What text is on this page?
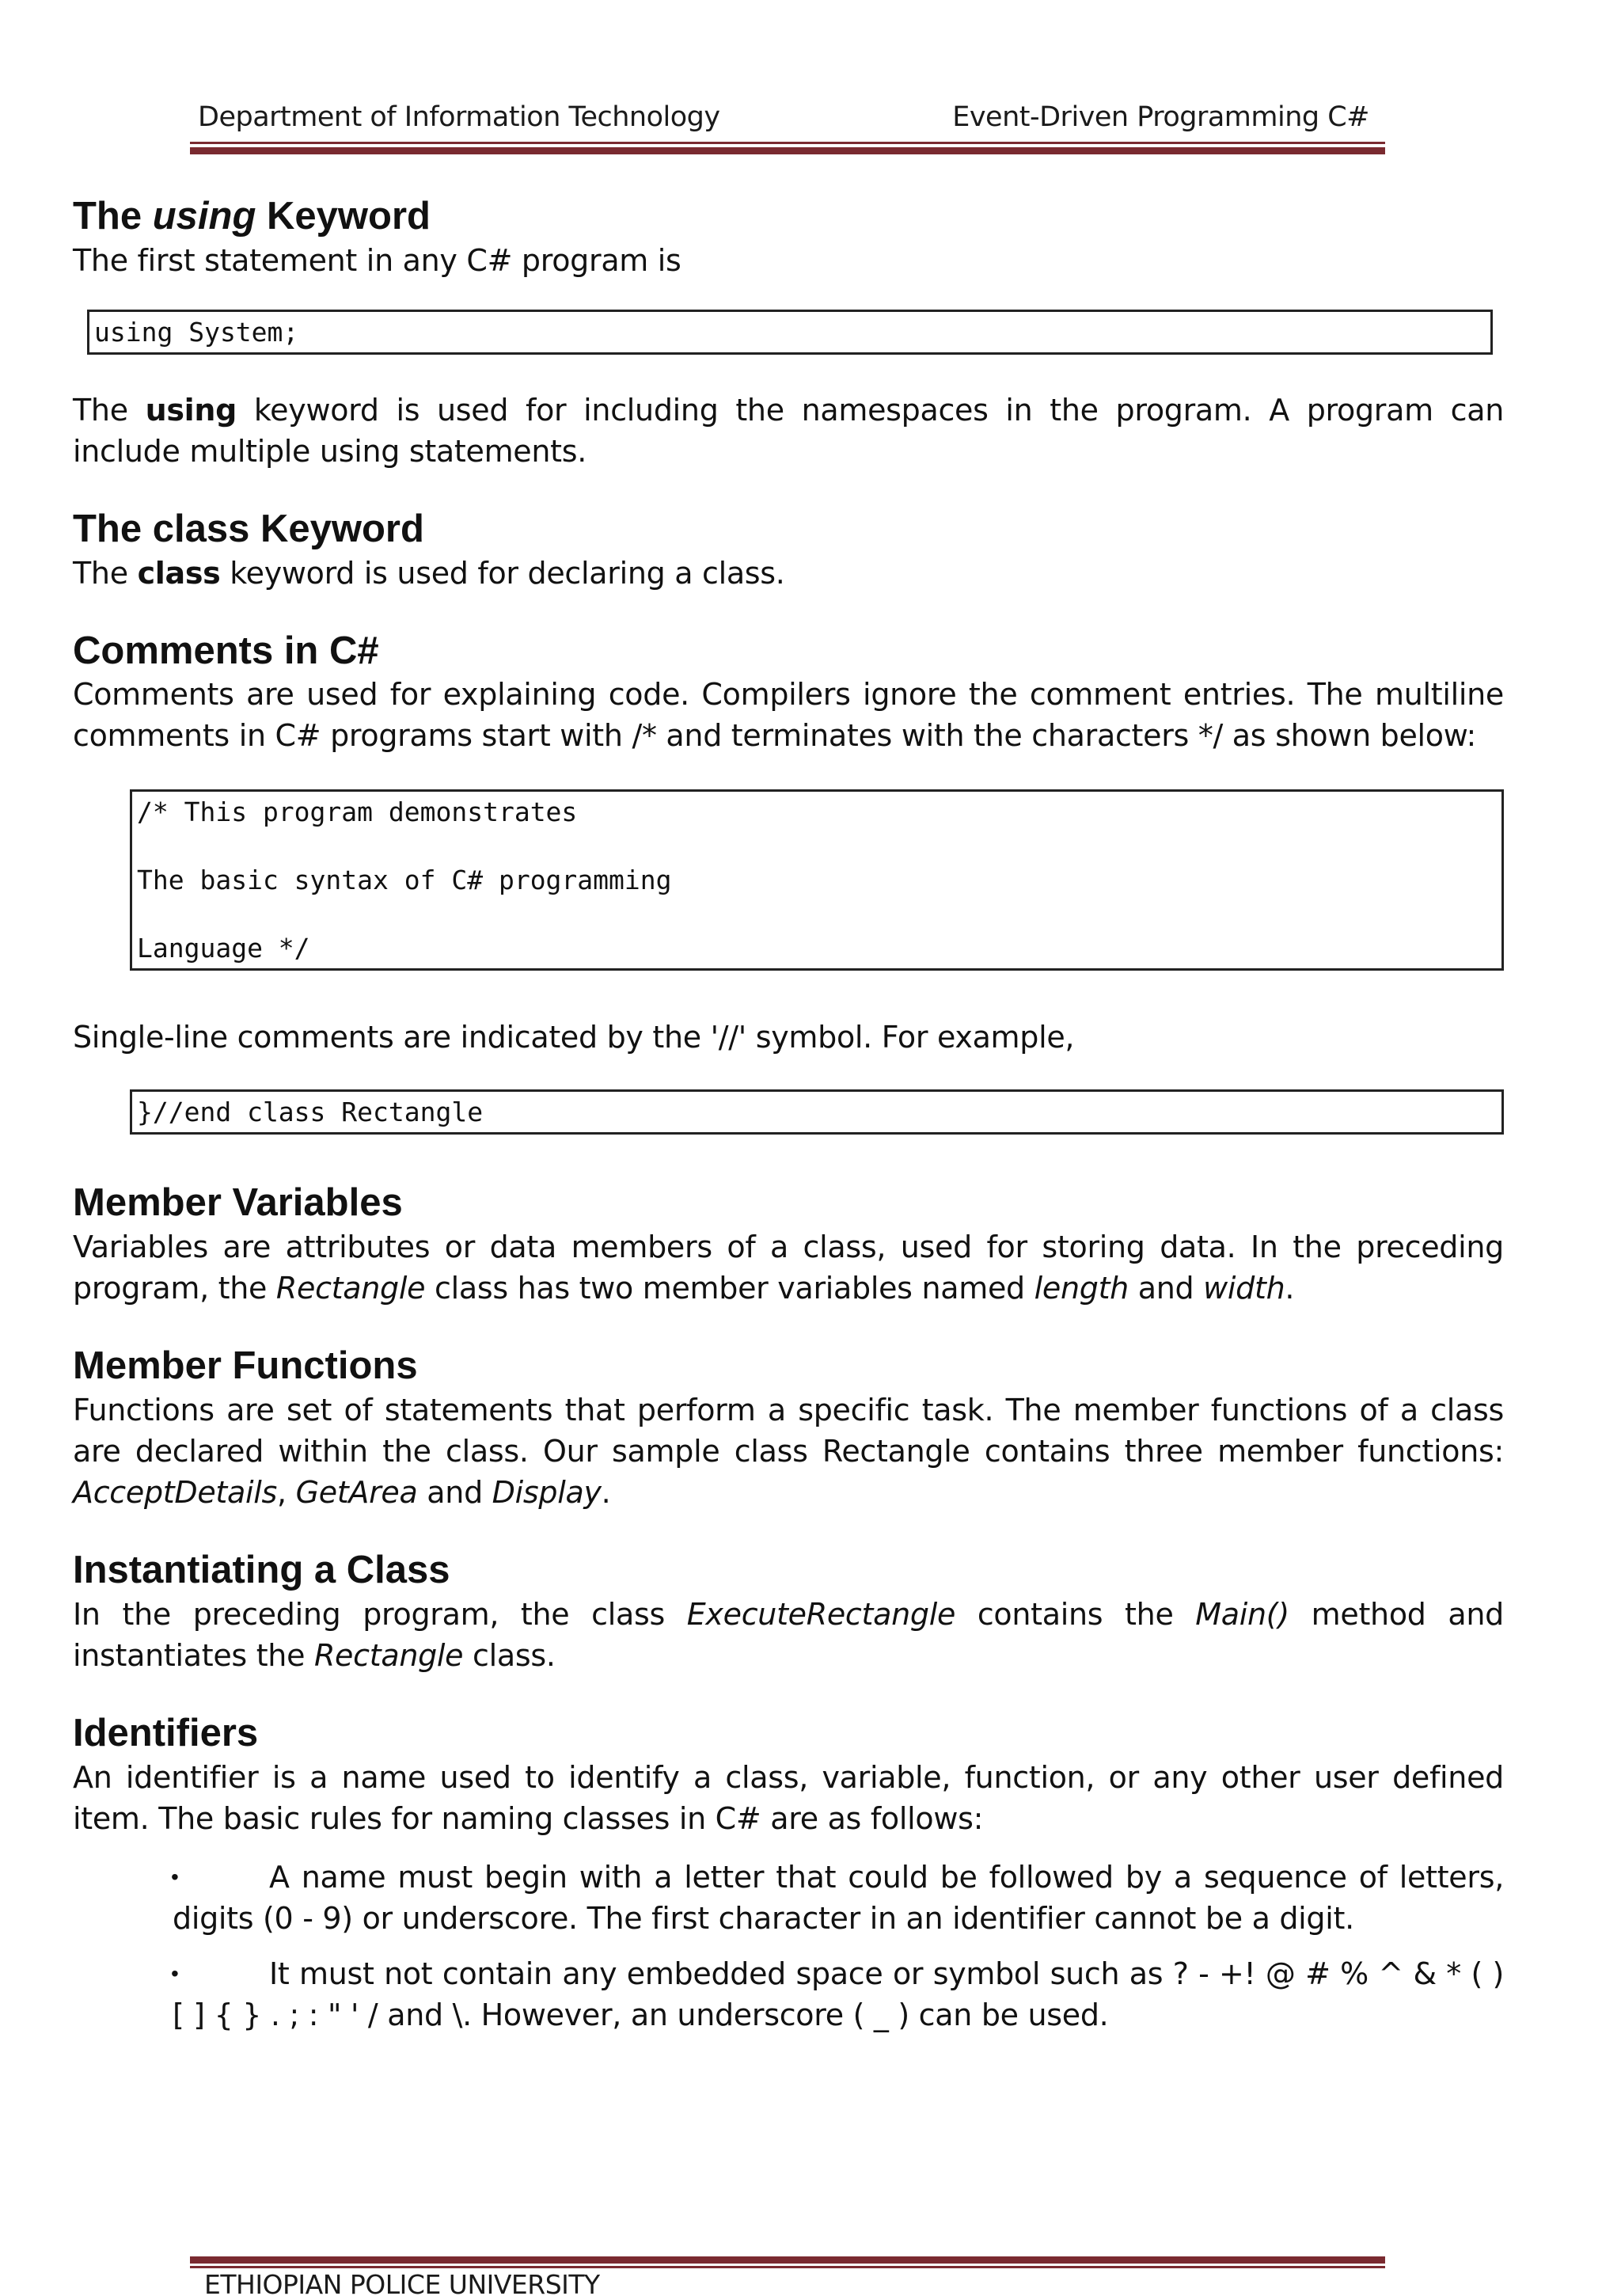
Department of Information Technology	Event-Driven Programming C#
The using Keyword

The first statement in any C# program is

using System;

The using keyword is used for including the namespaces in the program. A program can include multiple using statements.

The class Keyword

The class keyword is used for declaring a class.

Comments in C#

Comments are used for explaining code. Compilers ignore the comment entries. The multiline comments in C# programs start with /* and terminates with the characters */ as shown below:

/* This program demonstrates
The basic syntax of C# programming
Language */

Single-line comments are indicated by the '//' symbol. For example,

}//end class Rectangle
Member Variables

Variables are attributes or data members of a class, used for storing data. In the preceding program, the Rectangle class has two member variables named length and width.

Member Functions

Functions are set of statements that perform a specific task. The member functions of a class are declared within the class. Our sample class Rectangle contains three member functions: AcceptDetails, GetArea and Display.

Instantiating a Class

In the preceding program, the class ExecuteRectangle contains the Main() method and instantiates the Rectangle class.

Identifiers

An identifier is a name used to identify a class, variable, function, or any other user defined item. The basic rules for naming classes in C# are as follows:

•	A name must begin with a letter that could be followed by a sequence of letters, digits (0 - 9) or underscore. The first character in an identifier cannot be a digit.

•	It must not contain any embedded space or symbol such as ? - +! @ # % ^ & * ( ) [ ] { } . ; : " ' / and \. However, an underscore ( _ ) can be used.

ETHIOPIAN POLICE UNIVERSITY
